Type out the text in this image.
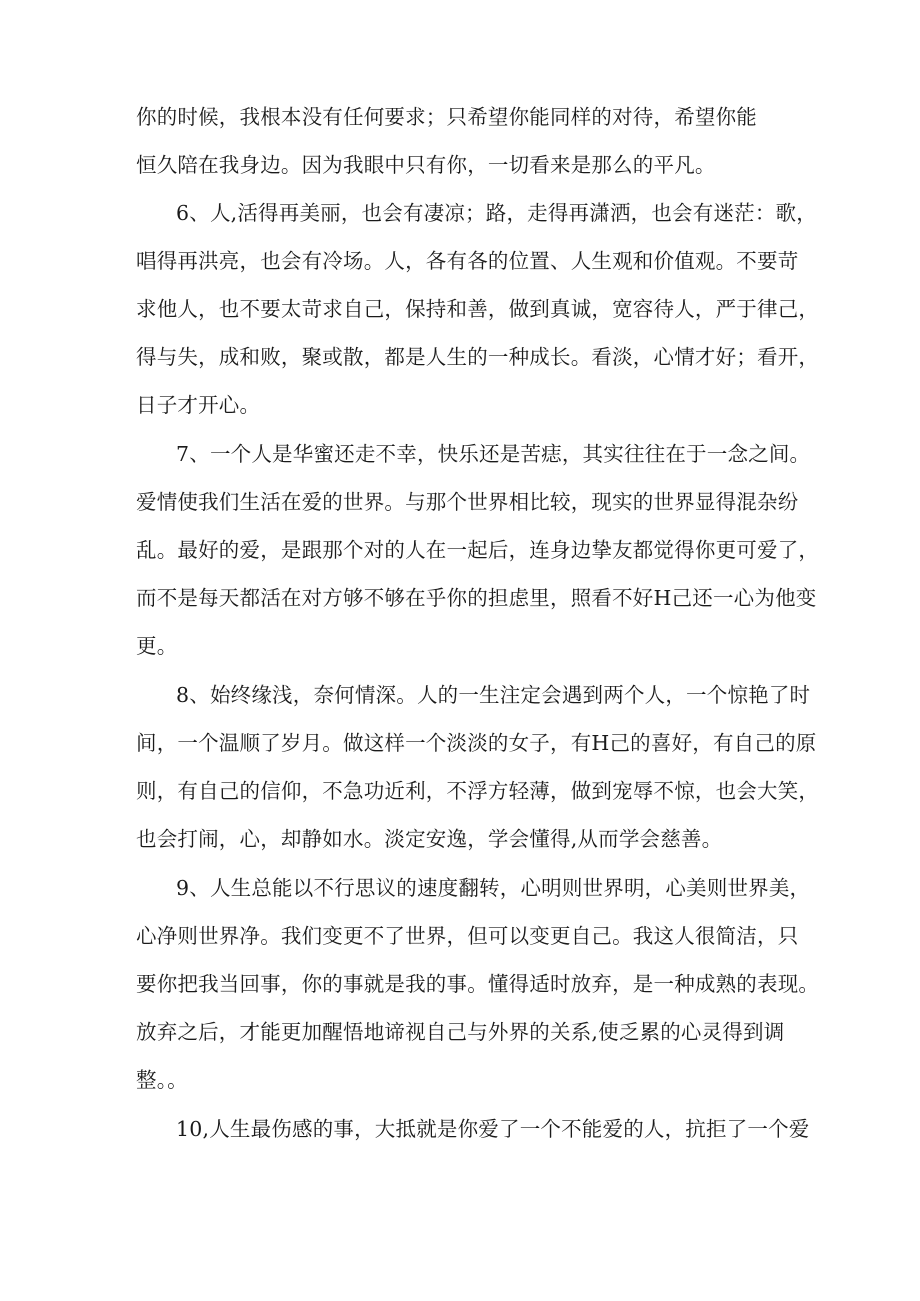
你的时候，我根本没有任何要求；只希望你能同样的对待，希望你能
恒久陪在我身边。因为我眼中只有你，一切看来是那么的平凡。
6、人,活得再美丽，也会有凄凉；路，走得再潇洒，也会有迷茫：歌，
唱得再洪亮，也会有冷场。人，各有各的位置、人生观和价值观。不要苛
求他人，也不要太苛求自己，保持和善，做到真诚，宽容待人，严于律己，
得与失，成和败，聚或散，都是人生的一种成长。看淡，心情才好；看开，
日子才开心。
7、一个人是华蜜还走不幸，快乐还是苦痣，其实往往在于一念之间。
爱情使我们生活在爱的世界。与那个世界相比较，现实的世界显得混杂纷
乱。最好的爱，是跟那个对的人在一起后，连身边挚友都觉得你更可爱了，
而不是每天都活在对方够不够在乎你的担虑里，照看不好H己还一心为他变
更。
8、始终缘浅，奈何情深。人的一生注定会遇到两个人，一个惊艳了时
间，一个温顺了岁月。做这样一个淡淡的女子，有H己的喜好，有自己的原
则，有自己的信仰，不急功近利，不浮方轻薄，做到宠辱不惊，也会大笑，
也会打闹，心，却静如水。淡定安逸，学会懂得,从而学会慈善。
9、人生总能以不行思议的速度翻转，心明则世界明，心美则世界美，
心净则世界净。我们变更不了世界，但可以变更自己。我这人很简洁，只
要你把我当回事，你的事就是我的事。懂得适时放弃，是一种成熟的表现。
放弃之后，才能更加醒悟地谛视自己与外界的关系,使乏累的心灵得到调
整。。
10,人生最伤感的事，大抵就是你爱了一个不能爱的人，抗拒了一个爱
